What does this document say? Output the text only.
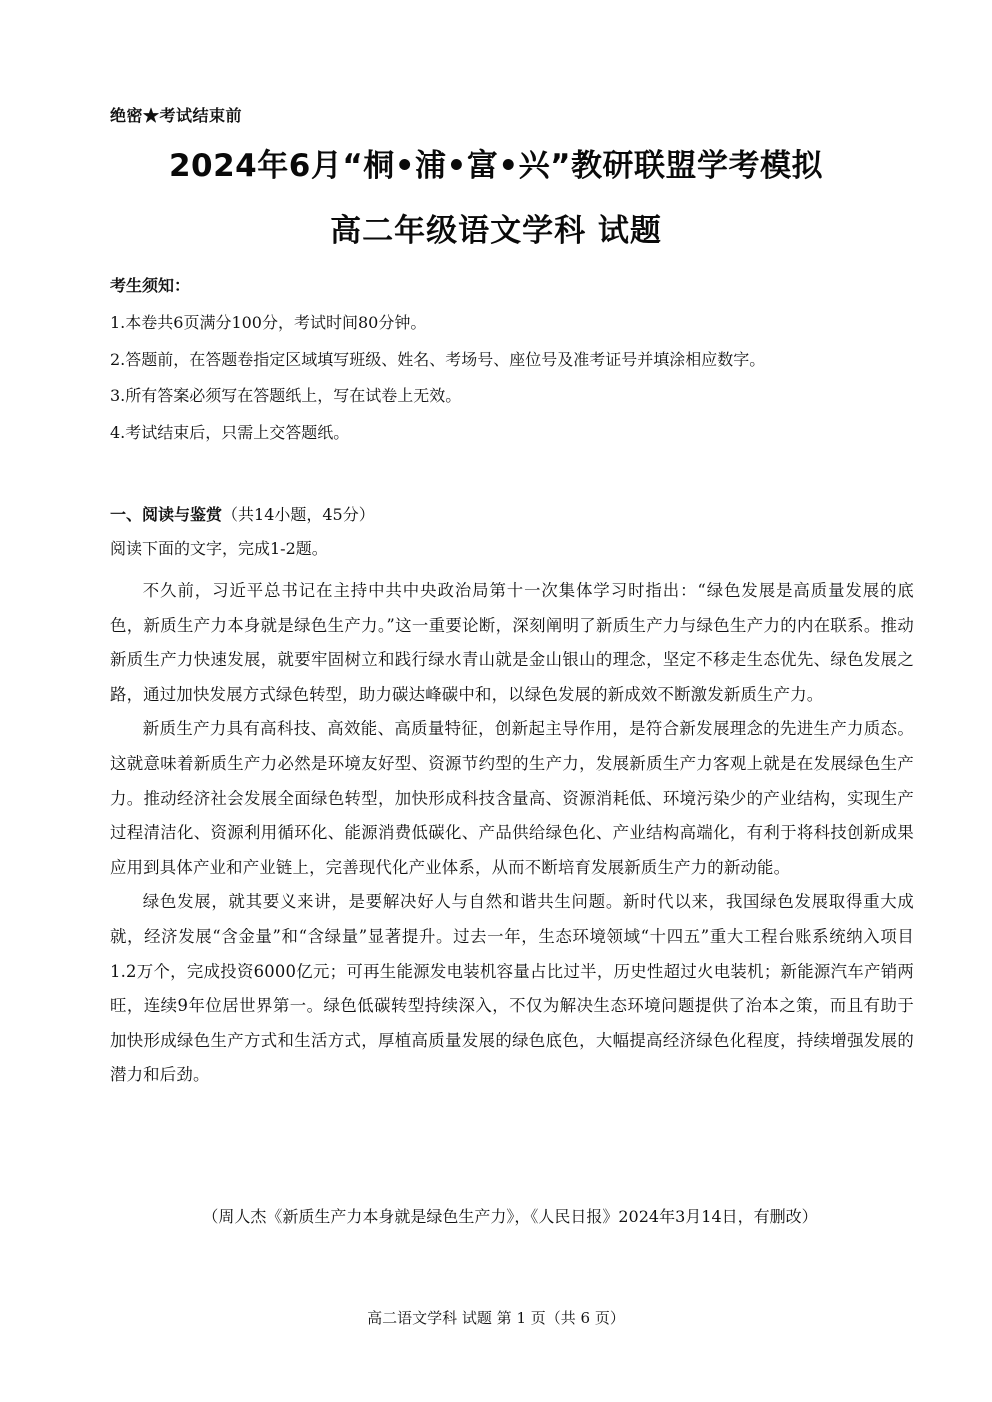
绝密★考试结束前
2024年6月“桐•浦•富•兴”教研联盟学考模拟
高二年级语文学科 试题
考生须知：
1.本卷共6页满分100分，考试时间80分钟。
2.答题前，在答题卷指定区域填写班级、姓名、考场号、座位号及准考证号并填涂相应数字。
3.所有答案必须写在答题纸上，写在试卷上无效。
4.考试结束后，只需上交答题纸。
一、阅读与鉴赏（共14小题，45分）
阅读下面的文字，完成1-2题。

不久前，习近平总书记在主持中共中央政治局第十一次集体学习时指出：“绿色发展是高质量发展的底色，新质生产力本身就是绿色生产力。”这一重要论断，深刻阐明了新质生产力与绿色生产力的内在联系。推动新质生产力快速发展，就要牢固树立和践行绿水青山就是金山银山的理念，坚定不移走生态优先、绿色发展之路，通过加快发展方式绿色转型，助力碳达峰碳中和，以绿色发展的新成效不断激发新质生产力。

新质生产力具有高科技、高效能、高质量特征，创新起主导作用，是符合新发展理念的先进生产力质态。这就意味着新质生产力必然是环境友好型、资源节约型的生产力，发展新质生产力客观上就是在发展绿色生产力。推动经济社会发展全面绿色转型，加快形成科技含量高、资源消耗低、环境污染少的产业结构，实现生产过程清洁化、资源利用循环化、能源消费低碳化、产品供给绿色化、产业结构高端化，有利于将科技创新成果应用到具体产业和产业链上，完善现代化产业体系，从而不断培育发展新质生产力的新动能。

绿色发展，就其要义来讲，是要解决好人与自然和谐共生问题。新时代以来，我国绿色发展取得重大成就，经济发展“含金量”和“含绿量”显著提升。过去一年，生态环境领域“十四五”重大工程台账系统纳入项目1.2万个，完成投资6000亿元；可再生能源发电装机容量占比过半，历史性超过火电装机；新能源汽车产销两旺，连续9年位居世界第一。绿色低碳转型持续深入，不仅为解决生态环境问题提供了治本之策，而且有助于加快形成绿色生产方式和生活方式，厚植高质量发展的绿色底色，大幅提高经济绿色化程度，持续增强发展的潜力和后劲。

（周人杰《新质生产力本身就是绿色生产力》，《人民日报》2024年3月14日，有删改）
高二语文学科 试题 第 1 页（共 6 页）
